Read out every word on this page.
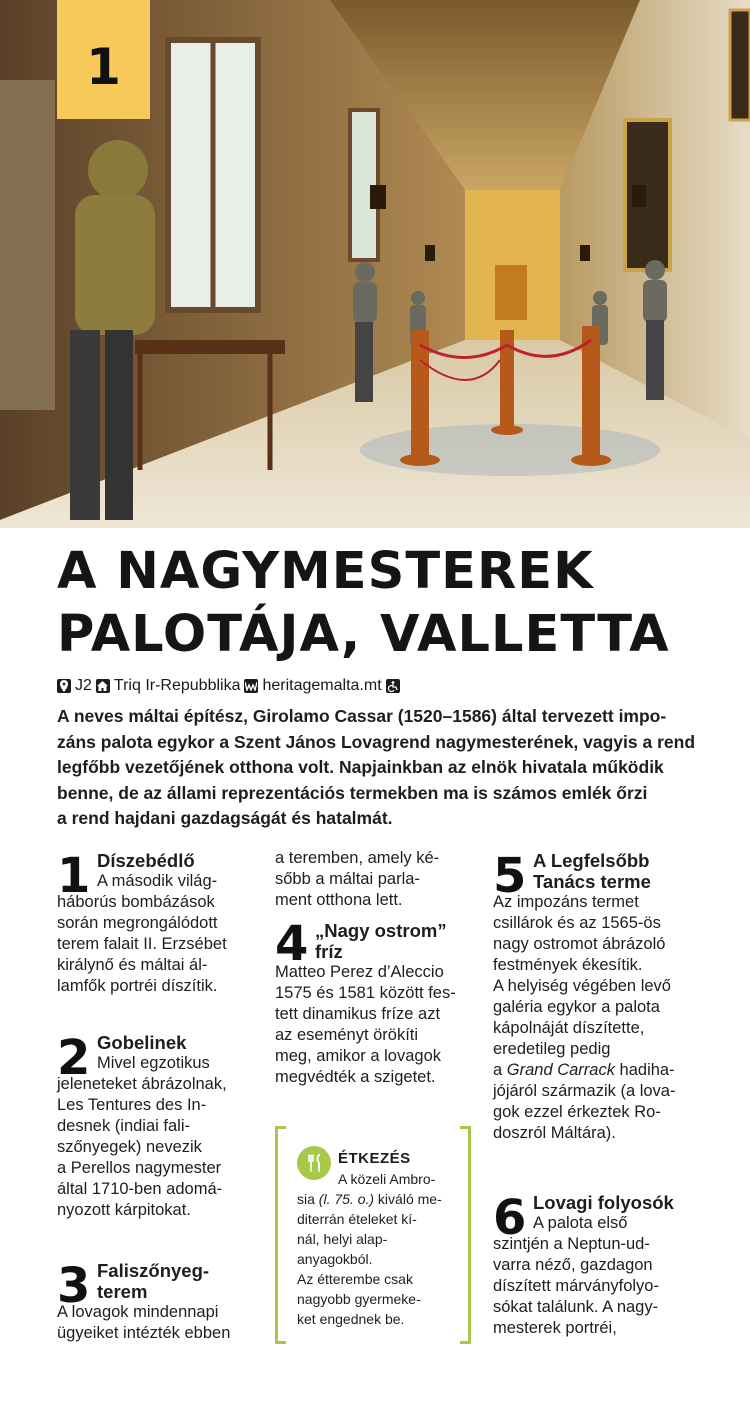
1
A NAGYMESTEREK
PALOTÁJA, VALLETTA
J2 Triq Ir-Repubblika heritagemalta.mt

A neves máltai építész, Girolamo Cassar (1520–1586) által tervezett impo-
záns palota egykor a Szent János Lovagrend nagymesterének, vagyis a rend
legfőbb vezetőjének otthona volt. Napjainkban az elnök hivatala működik
benne, de az állami reprezentációs termekben ma is számos emlék őrzi
a rend hajdani gazdagságát és hatalmát.

1 Díszebédlő
A második világ-
háborús bombázások
során megrongálódott
terem falait II. Erzsébet
királynő és máltai ál-
lamfők portréi díszítik.
2 Gobelinek
Mivel egzotikus
jeleneteket ábrázolnak,
Les Tentures des In-
desnek (indiai fali-
szőnyegek) nevezik
a Perellos nagymester
által 1710-ben adomá-
nyozott kárpitokat.
3 Faliszőnyeg-
terem
A lovagok mindennapi
ügyeiket intézték ebben
a teremben, amely ké-
sőbb a máltai parla-
ment otthona lett.
4 „Nagy ostrom”
fríz
Matteo Perez d’Aleccio
1575 és 1581 között fes-
tett dinamikus frízе azt
az eseményt örökíti
meg, amikor a lovagok
megvédték a szigetet.
ÉTKEZÉS
A közeli Ambro-
sia (l. 75. o.) kiváló me-
diterrán ételeket kí-
nál, helyi alap-
anyagokból.
Az étterembe csak
nagyobb gyermeke-
ket engednek be.
5 A Legfelsőbb
Tanács terme
Az impozáns termet
csillárok és az 1565-ös
nagy ostromot ábrázoló
festmények ékesítik.
A helyiség végében levő
galéria egykor a palota
kápolnáját díszítette,
eredetileg pedig
a Grand Carrack hadiha-
jójáról származik (a lova-
gok ezzel érkeztek Ro-
doszról Máltára).
6 Lovagi folyosók
A palota első
szintjén a Neptun-ud-
varra néző, gazdagon
díszített márványfolyo-
sókat találunk. A nagy-
mesterek portréi,
